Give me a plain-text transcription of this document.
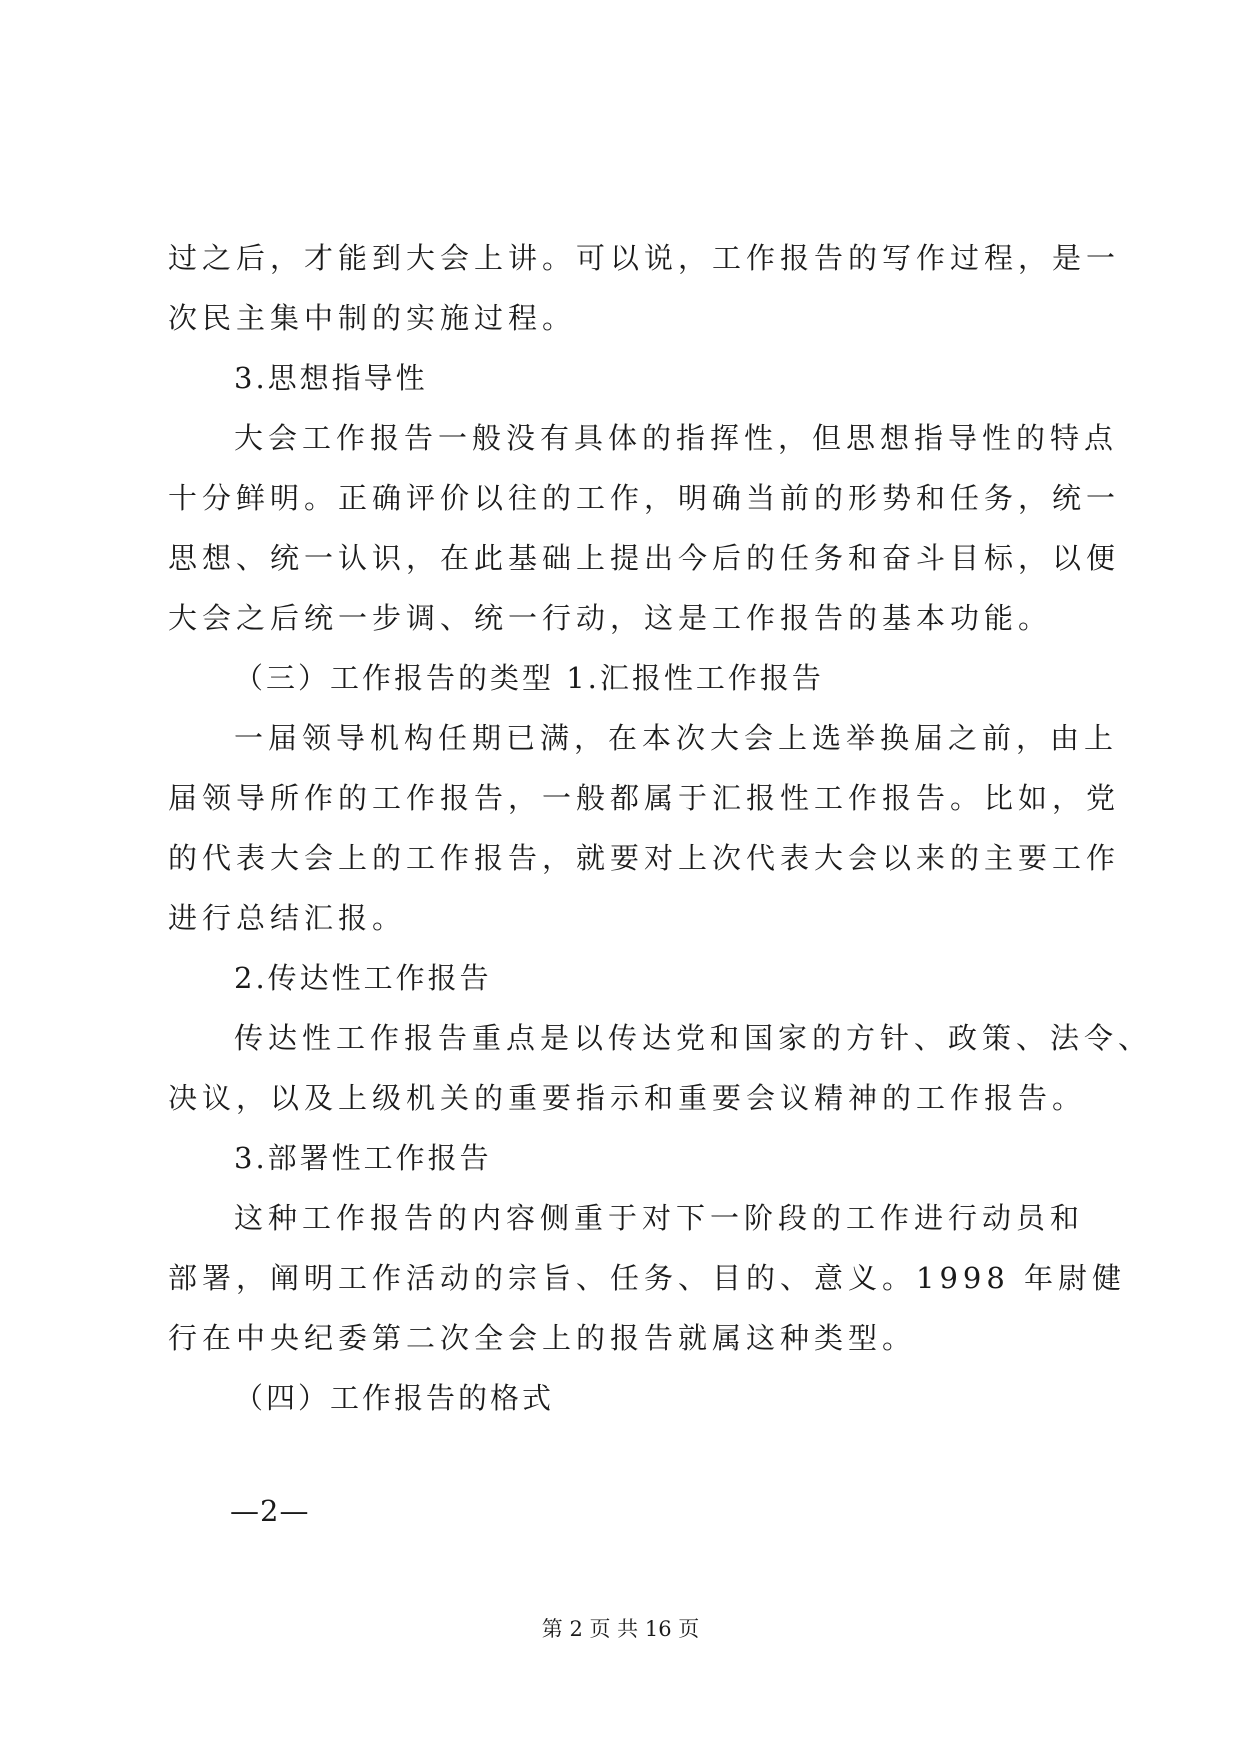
过之后，才能到大会上讲。可以说，工作报告的写作过程，是一
次民主集中制的实施过程。
3.思想指导性
大会工作报告一般没有具体的指挥性，但思想指导性的特点
十分鲜明。正确评价以往的工作，明确当前的形势和任务，统一
思想、统一认识，在此基础上提出今后的任务和奋斗目标，以便
大会之后统一步调、统一行动，这是工作报告的基本功能。
（三）工作报告的类型 1.汇报性工作报告
一届领导机构任期已满，在本次大会上选举换届之前，由上
届领导所作的工作报告，一般都属于汇报性工作报告。比如，党
的代表大会上的工作报告，就要对上次代表大会以来的主要工作
进行总结汇报。
2.传达性工作报告
传达性工作报告重点是以传达党和国家的方针、政策、法令、
决议，以及上级机关的重要指示和重要会议精神的工作报告。
3.部署性工作报告
这种工作报告的内容侧重于对下一阶段的工作进行动员和
部署，阐明工作活动的宗旨、任务、目的、意义。1998 年尉健
行在中央纪委第二次全会上的报告就属这种类型。
（四）工作报告的格式
—2—
第 2 页 共 16 页
